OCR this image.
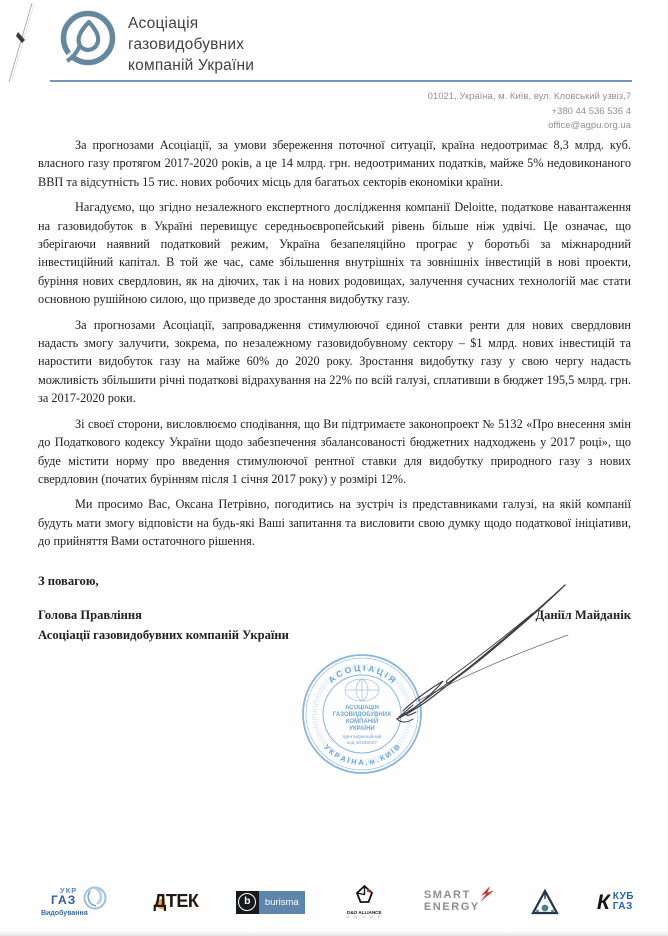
Асоціація
газовидобувних
компаній України
01021, Україна, м. Київ, вул. Кловський узвіз,7
+380 44 536 536 4
office@agpu.org.ua

За прогнозами Асоціації, за умови збереження поточної ситуації, країна недоотримає 8,3 млрд. куб. власного газу протягом 2017-2020 років, а це 14 млрд. грн. недоотриманих податків, майже 5% недовиконаного ВВП та відсутність 15 тис. нових робочих місць для багатьох секторів економіки країни.

Нагадуємо, що згідно незалежного експертного дослідження компанії Deloitte, податкове навантаження на газовидобуток в Україні перевищує середньоєвропейський рівень більше ніж удвічі. Це означає, що зберігаючи наявний податковий режим, Україна безапеляційно програє у боротьбі за міжнародний інвестиційний капітал. В той же час, саме збільшення внутрішніх та зовнішніх інвестицій в нові проекти, буріння нових свердловин, як на діючих, так і на нових родовищах, залучення сучасних технологій має стати основною рушійною силою, що призведе до зростання видобутку газу.

За прогнозами Асоціації, запровадження стимулюючої єдиної ставки ренти для нових свердловин надасть змогу залучити, зокрема, по незалежному газовидобувному сектору – $1 млрд. нових інвестицій та наростити видобуток газу на майже 60% до 2020 року. Зростання видобутку газу у свою чергу надасть можливість збільшити річні податкові відрахування на 22% по всій галузі, сплативши в бюджет 195,5 млрд. грн. за 2017-2020 роки.

Зі своєї сторони, висловлюємо сподівання, що Ви підтримаєте законопроект № 5132 «Про внесення змін до Податкового кодексу України щодо забезпечення збалансованості бюджетних надходжень у 2017 році», що буде містити норму про введення стимулюючої рентної ставки для видобутку природного газу з нових свердловин (початих бурінням після 1 січня 2017 року) у розмірі 12%.

Ми просимо Вас, Оксана Петрівно, погодитись на зустріч із представниками галузі, на якій компанії будуть мати змогу відповісти на будь-які Ваші запитання та висловити свою думку щодо податкової ініціативи, до прийняття Вами остаточного рішення.

З повагою,
Голова Правління
Асоціації газовидобувних компаній України
Даніїл Майданік
А С О Ц І А Ц І Я
У К Р А Ї Н А , м . К И Ї В
АСОЦІАЦІЯ
ГАЗОВИДОБУВНИХ
КОМПАНІЙ
УКРАЇНИ
Ідентифікаційний
код 40166027
УКР
ГАЗ
Видобування
ДТЕК	b	burisma
D&O ALLIANCE
G R O U P
SMART
ENERGY	К КУБ
ГАЗ
